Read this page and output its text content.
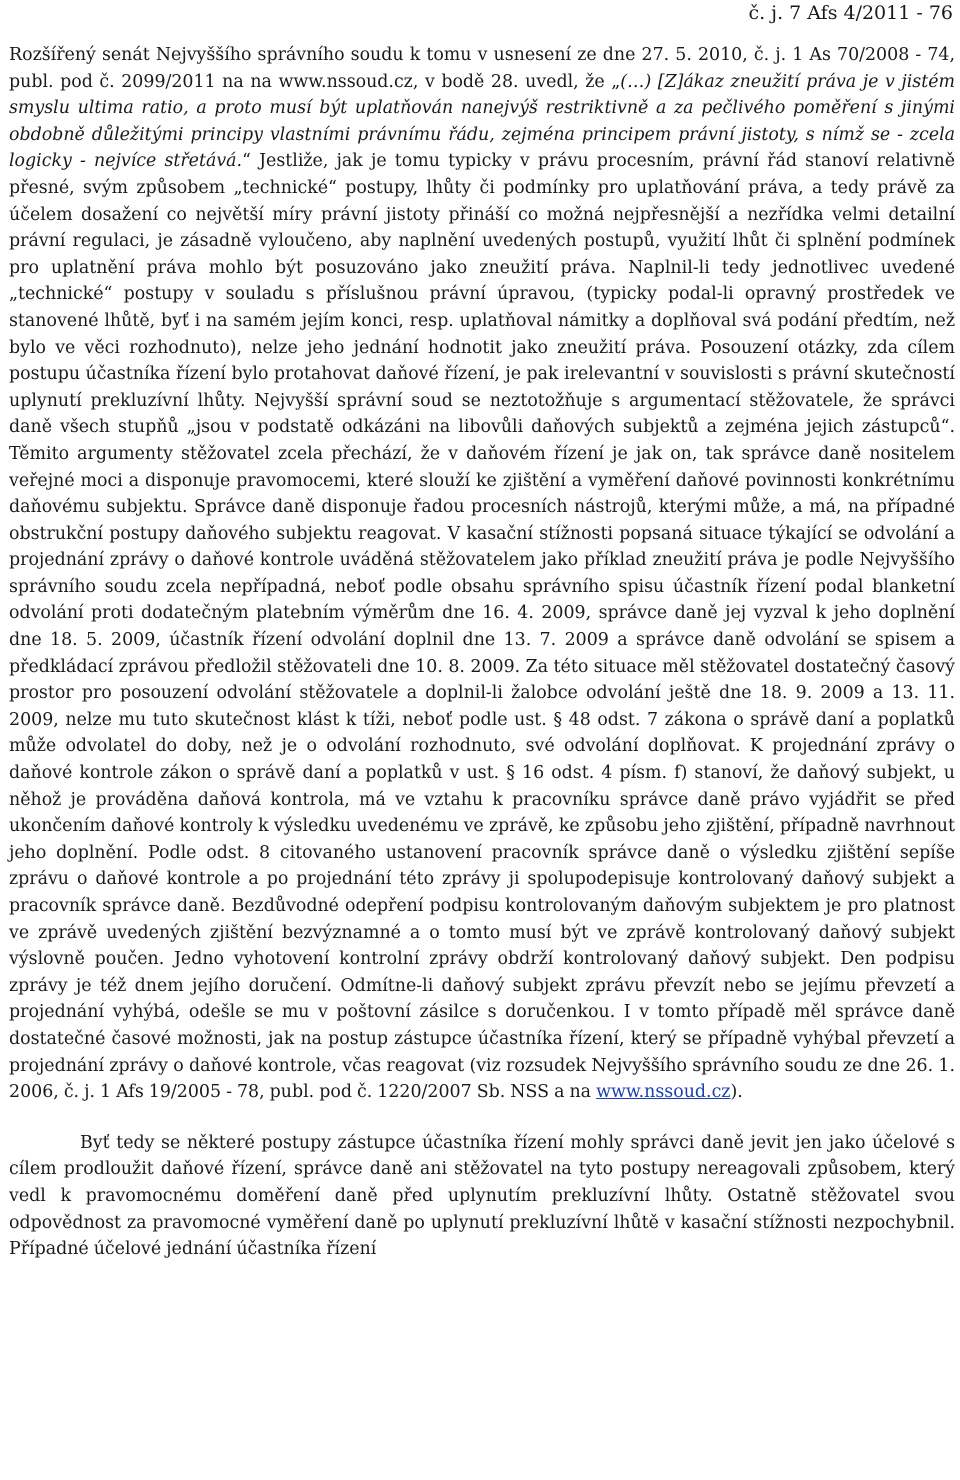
č. j. 7 Afs 4/2011 - 76

Rozšířený senát Nejvyššího správního soudu k tomu v usnesení ze dne 27. 5. 2010, č. j. 1 As 70/2008 - 74, publ. pod č. 2099/2011 na na www.nssoud.cz, v bodě 28. uvedl, že „(…) [Z]ákaz zneužití práva je v jistém smyslu ultima ratio, a proto musí být uplatňován nanejvýš restriktivně a za pečlivého poměření s jinými obdobně důležitými principy vlastními právnímu řádu, zejména principem právní jistoty, s nímž se - zcela logicky - nejvíce střetává.“ Jestliže, jak je tomu typicky v právu procesním, právní řád stanoví relativně přesné, svým způsobem „technické“ postupy, lhůty či podmínky pro uplatňování práva, a tedy právě za účelem dosažení co největší míry právní jistoty přináší co možná nejpřesnější a nezřídka velmi detailní právní regulaci, je zásadně vyloučeno, aby naplnění uvedených postupů, využití lhůt či splnění podmínek pro uplatnění práva mohlo být posuzováno jako zneužití práva. Naplnil-li tedy jednotlivec uvedené „technické“ postupy v souladu s příslušnou právní úpravou, (typicky podal-li opravný prostředek ve stanovené lhůtě, byť i na samém jejím konci, resp. uplatňoval námitky a doplňoval svá podání předtím, než bylo ve věci rozhodnuto), nelze jeho jednání hodnotit jako zneužití práva. Posouzení otázky, zda cílem postupu účastníka řízení bylo protahovat daňové řízení, je pak irelevantní v souvislosti s právní skutečností uplynutí prekluzívní lhůty. Nejvyšší správní soud se neztotožňuje s argumentací stěžovatele, že správci daně všech stupňů „jsou v podstatě odkázáni na libovůli daňových subjektů a zejména jejich zástupců“. Těmito argumenty stěžovatel zcela přechází, že v daňovém řízení je jak on, tak správce daně nositelem veřejné moci a disponuje pravomocemi, které slouží ke zjištění a vyměření daňové povinnosti konkrétnímu daňovému subjektu. Správce daně disponuje řadou procesních nástrojů, kterými může, a má, na případné obstrukční postupy daňového subjektu reagovat. V kasační stížnosti popsaná situace týkající se odvolání a projednání zprávy o daňové kontrole uváděná stěžovatelem jako příklad zneužití práva je podle Nejvyššího správního soudu zcela nepřípadná, neboť podle obsahu správního spisu účastník řízení podal blanketní odvolání proti dodatečným platebním výměrům dne 16. 4. 2009, správce daně jej vyzval k jeho doplnění dne 18. 5. 2009, účastník řízení odvolání doplnil dne 13. 7. 2009 a správce daně odvolání se spisem a předkládací zprávou předložil stěžovateli dne 10. 8. 2009. Za této situace měl stěžovatel dostatečný časový prostor pro posouzení odvolání stěžovatele a doplnil-li žalobce odvolání ještě dne 18. 9. 2009 a 13. 11. 2009, nelze mu tuto skutečnost klást k tíži, neboť podle ust. § 48 odst. 7 zákona o správě daní a poplatků může odvolatel do doby, než je o odvolání rozhodnuto, své odvolání doplňovat. K projednání zprávy o daňové kontrole zákon o správě daní a poplatků v ust. § 16 odst. 4 písm. f) stanoví, že daňový subjekt, u něhož je prováděna daňová kontrola, má ve vztahu k pracovníku správce daně právo vyjádřit se před ukončením daňové kontroly k výsledku uvedenému ve zprávě, ke způsobu jeho zjištění, případně navrhnout jeho doplnění. Podle odst. 8 citovaného ustanovení pracovník správce daně o výsledku zjištění sepíše zprávu o daňové kontrole a po projednání této zprávy ji spolupodepisuje kontrolovaný daňový subjekt a pracovník správce daně. Bezdůvodné odepření podpisu kontrolovaným daňovým subjektem je pro platnost ve zprávě uvedených zjištění bezvýznamné a o tomto musí být ve zprávě kontrolovaný daňový subjekt výslovně poučen. Jedno vyhotovení kontrolní zprávy obdrží kontrolovaný daňový subjekt. Den podpisu zprávy je též dnem jejího doručení. Odmítne-li daňový subjekt zprávu převzít nebo se jejímu převzetí a projednání vyhýbá, odešle se mu v poštovní zásilce s doručenkou. I v tomto případě měl správce daně dostatečné časové možnosti, jak na postup zástupce účastníka řízení, který se případně vyhýbal převzetí a projednání zprávy o daňové kontrole, včas reagovat (viz rozsudek Nejvyššího správního soudu ze dne 26. 1. 2006, č. j. 1 Afs 19/2005 - 78, publ. pod č. 1220/2007 Sb. NSS a na www.nssoud.cz).

Byť tedy se některé postupy zástupce účastníka řízení mohly správci daně jevit jen jako účelové s cílem prodloužit daňové řízení, správce daně ani stěžovatel na tyto postupy nereagovali způsobem, který vedl k pravomocnému doměření daně před uplynutím prekluzívní lhůty. Ostatně stěžovatel svou odpovědnost za pravomocné vyměření daně po uplynutí prekluzívní lhůtě v kasační stížnosti nezpochybnil. Případné účelové jednání účastníka řízení
